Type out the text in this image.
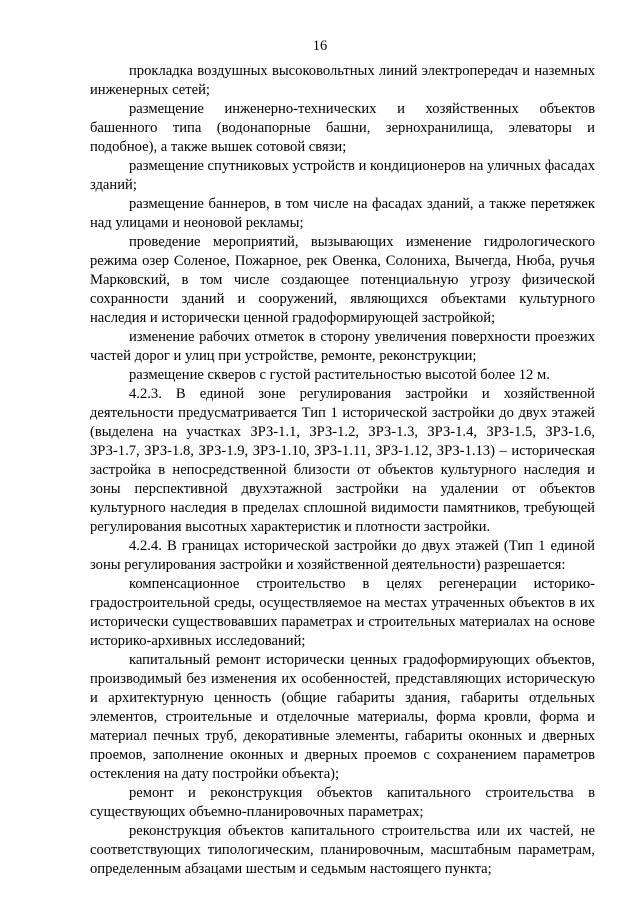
16

прокладка воздушных высоковольтных линий электропередач и наземных инженерных сетей;

размещение инженерно-технических и хозяйственных объектов башенного типа (водонапорные башни, зернохранилища, элеваторы и подобное), а также вышек сотовой связи;

размещение спутниковых устройств и кондиционеров на уличных фасадах зданий;

размещение баннеров, в том числе на фасадах зданий, а также перетяжек над улицами и неоновой рекламы;

проведение мероприятий, вызывающих изменение гидрологического режима озер Соленое, Пожарное, рек Овенка, Солониха, Вычегда, Нюба, ручья Марковский, в том числе создающее потенциальную угрозу физической сохранности зданий и сооружений, являющихся объектами культурного наследия и исторически ценной градоформирующей застройкой;

изменение рабочих отметок в сторону увеличения поверхности проезжих частей дорог и улиц при устройстве, ремонте, реконструкции;

размещение скверов с густой растительностью высотой более 12 м.

4.2.3. В единой зоне регулирования застройки и хозяйственной деятельности предусматривается Тип 1 исторической застройки до двух этажей (выделена на участках ЗРЗ-1.1, ЗРЗ-1.2, ЗРЗ-1.3, ЗРЗ-1.4, ЗРЗ-1.5, ЗРЗ-1.6, ЗРЗ-1.7, ЗРЗ-1.8, ЗРЗ-1.9, ЗРЗ-1.10, ЗРЗ-1.11, ЗРЗ-1.12, ЗРЗ-1.13) – историческая застройка в непосредственной близости от объектов культурного наследия и зоны перспективной двухэтажной застройки на удалении от объектов культурного наследия в пределах сплошной видимости памятников, требующей регулирования высотных характеристик и плотности застройки.

4.2.4. В границах исторической застройки до двух этажей (Тип 1 единой зоны регулирования застройки и хозяйственной деятельности) разрешается:

компенсационное строительство в целях регенерации историко-градостроительной среды, осуществляемое на местах утраченных объектов в их исторически существовавших параметрах и строительных материалах на основе историко-архивных исследований;

капитальный ремонт исторически ценных градоформирующих объектов, производимый без изменения их особенностей, представляющих историческую и архитектурную ценность (общие габариты здания, габариты отдельных элементов, строительные и отделочные материалы, форма кровли, форма и материал печных труб, декоративные элементы, габариты оконных и дверных проемов, заполнение оконных и дверных проемов с сохранением параметров остекления на дату постройки объекта);

ремонт и реконструкция объектов капитального строительства в существующих объемно-планировочных параметрах;

реконструкция объектов капитального строительства или их частей, не соответствующих типологическим, планировочным, масштабным параметрам, определенным абзацами шестым и седьмым настоящего пункта;
